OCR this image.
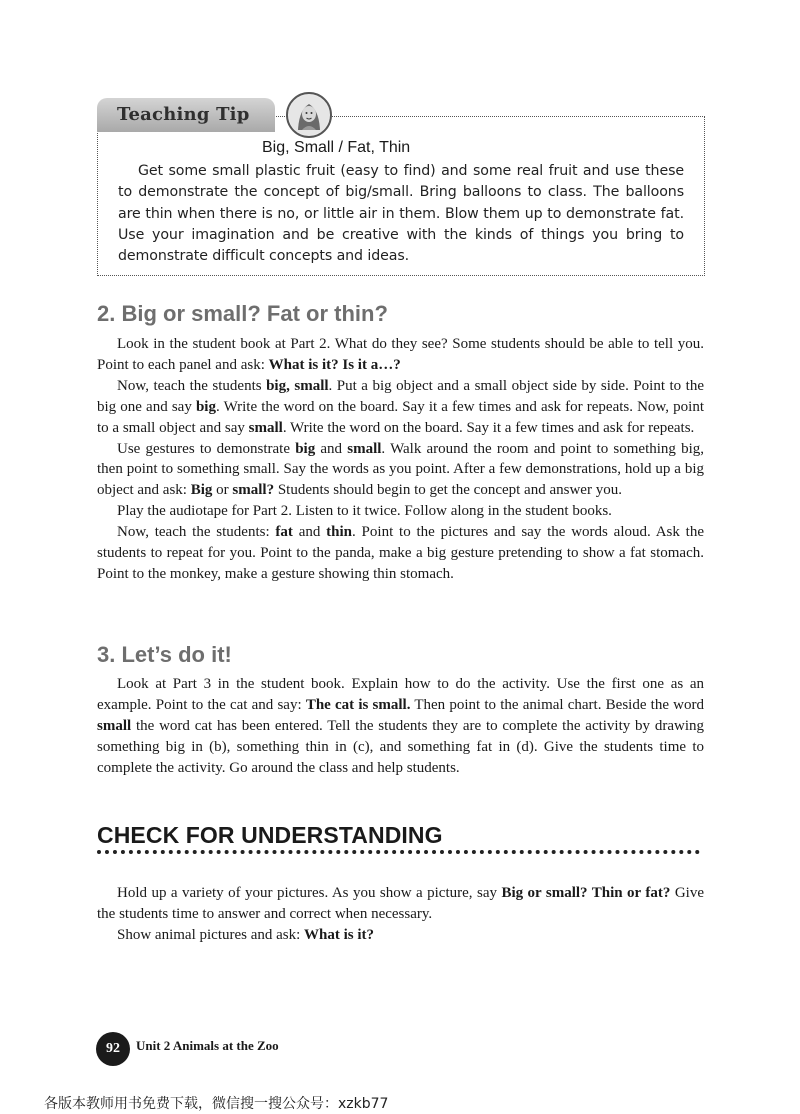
Teaching Tip
Big, Small / Fat, Thin
Get some small plastic fruit (easy to find) and some real fruit and use these to demonstrate the concept of big/small. Bring balloons to class. The balloons are thin when there is no, or little air in them. Blow them up to demonstrate fat. Use your imagination and be creative with the kinds of things you bring to demonstrate difficult concepts and ideas.
2. Big or small? Fat or thin?

Look in the student book at Part 2. What do they see? Some students should be able to tell you. Point to each panel and ask: What is it? Is it a…?

Now, teach the students big, small. Put a big object and a small object side by side. Point to the big one and say big. Write the word on the board. Say it a few times and ask for repeats. Now, point to a small object and say small. Write the word on the board. Say it a few times and ask for repeats.

Use gestures to demonstrate big and small. Walk around the room and point to something big, then point to something small. Say the words as you point. After a few demonstrations, hold up a big object and ask: Big or small? Students should begin to get the concept and answer you.

Play the audiotape for Part 2. Listen to it twice. Follow along in the student books.

Now, teach the students: fat and thin. Point to the pictures and say the words aloud. Ask the students to repeat for you. Point to the panda, make a big gesture pretending to show a fat stomach. Point to the monkey, make a gesture showing thin stomach.

3. Let’s do it!

Look at Part 3 in the student book. Explain how to do the activity. Use the first one as an example. Point to the cat and say: The cat is small. Then point to the animal chart. Beside the word small the word cat has been entered. Tell the students they are to complete the activity by drawing something big in (b), something thin in (c), and something fat in (d). Give the students time to complete the activity. Go around the class and help students.

CHECK FOR UNDERSTANDING

Hold up a variety of your pictures. As you show a picture, say Big or small? Thin or fat? Give the students time to answer and correct when necessary.

Show animal pictures and ask: What is it?

92	Unit 2 Animals at the Zoo
各版本教师用书免费下载，微信搜一搜公众号：xzkb77
